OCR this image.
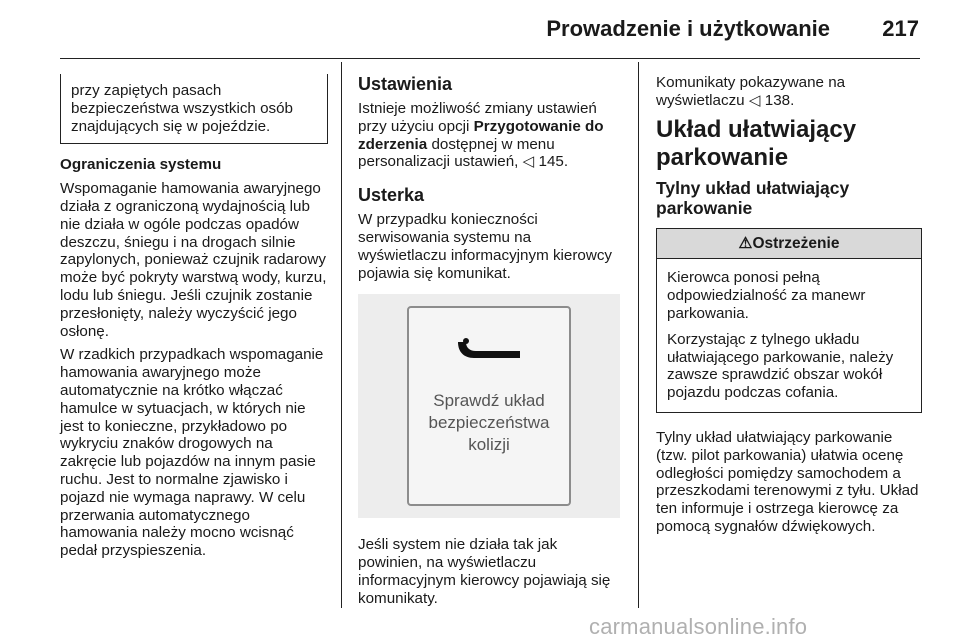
Prowadzenie i użytkowanie 217

przy zapiętych pasach bezpieczeństwa wszystkich osób znajdujących się w pojeździe.

Ograniczenia systemu

Wspomaganie hamowania awaryjnego działa z ograniczoną wydajnością lub nie działa w ogóle podczas opadów deszczu, śniegu i na drogach silnie zapylonych, ponieważ czujnik radarowy może być pokryty warstwą wody, kurzu, lodu lub śniegu. Jeśli czujnik zostanie przesłonięty, należy wyczyścić jego osłonę.

W rzadkich przypadkach wspomaganie hamowania awaryjnego może automatycznie na krótko włączać hamulce w sytuacjach, w których nie jest to konieczne, przykładowo po wykryciu znaków drogowych na zakręcie lub pojazdów na innym pasie ruchu. Jest to normalne zjawisko i pojazd nie wymaga naprawy. W celu przerwania automatycznego hamowania należy mocno wcisnąć pedał przyspieszenia.

Ustawienia

Istnieje możliwość zmiany ustawień przy użyciu opcji Przygotowanie do zderzenia dostępnej w menu personalizacji ustawień, ◁ 145.

Usterka

W przypadku konieczności serwisowania systemu na wyświetlaczu informacyjnym kierowcy pojawia się komunikat.

Sprawdź układ
bezpieczeństwa
kolizji

Jeśli system nie działa tak jak powinien, na wyświetlaczu informacyjnym kierowcy pojawiają się komunikaty.

Komunikaty pokazywane na wyświetlaczu ◁ 138.

Układ ułatwiający parkowanie

Tylny układ ułatwiający parkowanie

⚠Ostrzeżenie

Kierowca ponosi pełną odpowiedzialność za manewr parkowania.

Korzystając z tylnego układu ułatwiającego parkowanie, należy zawsze sprawdzić obszar wokół pojazdu podczas cofania.

Tylny układ ułatwiający parkowanie (tzw. pilot parkowania) ułatwia ocenę odległości pomiędzy samochodem a przeszkodami terenowymi z tyłu. Układ ten informuje i ostrzega kierowcę za pomocą sygnałów dźwiękowych.

carmanualsonline.info
